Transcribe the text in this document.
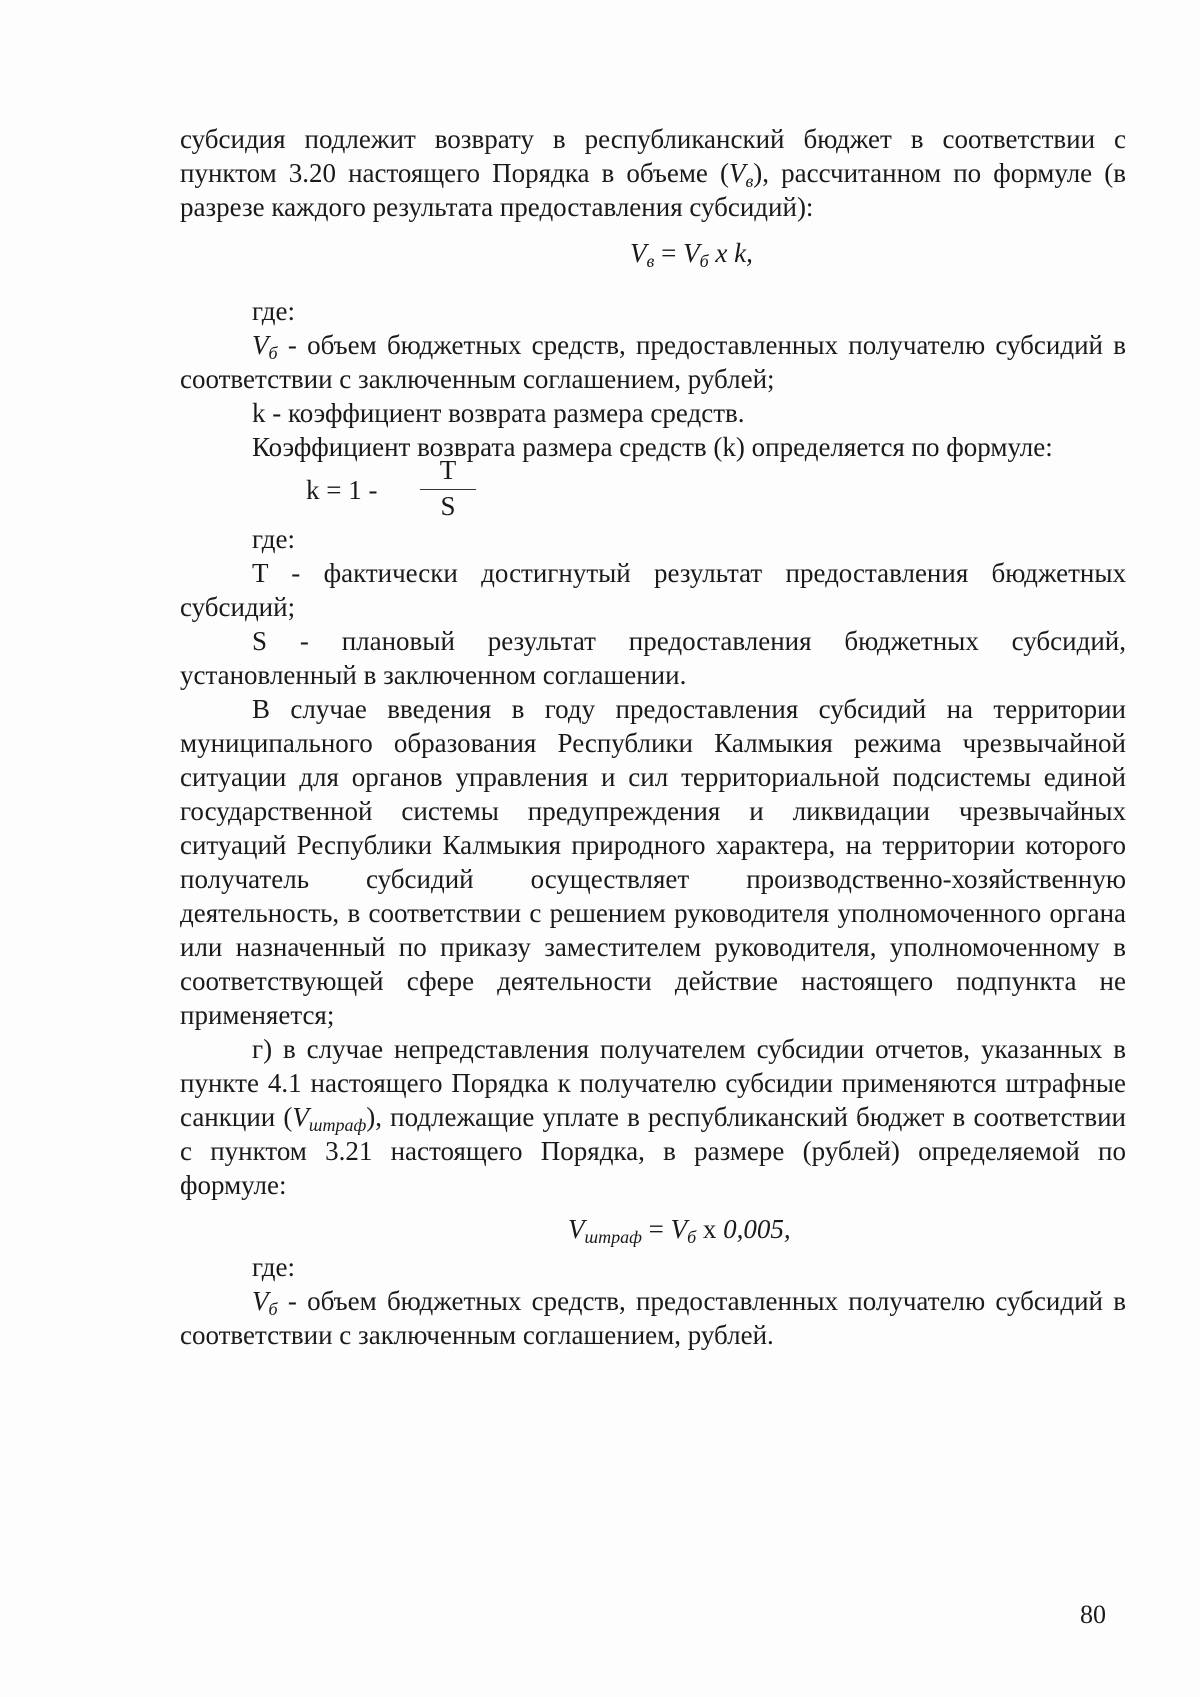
субсидия подлежит возврату в республиканский бюджет в соответствии с пунктом 3.20 настоящего Порядка в объеме $(V_в)$, рассчитанном по формуле (в разрезе каждого результата предоставления субсидий):

$V_в = V_б$ x k,

где:

$V_б$ - объем бюджетных средств, предоставленных получателю субсидий в соответствии с заключенным соглашением, рублей;

k - коэффициент возврата размера средств.

Коэффициент возврата размера средств (k) определяется по формуле:

k = 1 -
T
S

где:

T - фактически достигнутый результат предоставления бюджетных субсидий;

S - плановый результат предоставления бюджетных субсидий, установленный в заключенном соглашении.

В случае введения в году предоставления субсидий на территории муниципального образования Республики Калмыкия режима чрезвычайной ситуации для органов управления и сил территориальной подсистемы единой государственной системы предупреждения и ликвидации чрезвычайных ситуаций Республики Калмыкия природного характера, на территории которого получатель субсидий осуществляет производственно-хозяйственную деятельность, в соответствии с решением руководителя уполномоченного органа или назначенный по приказу заместителем руководителя, уполномоченному в соответствующей сфере деятельности действие настоящего подпункта не применяется;

г) в случае непредставления получателем субсидии отчетов, указанных в пункте 4.1 настоящего Порядка к получателю субсидии применяются штрафные санкции $(V_{штраф})$, подлежащие уплате в республиканский бюджет в соответствии с пунктом 3.21 настоящего Порядка, в размере (рублей) определяемой по формуле:

$V_{штраф} = V_б$ x 0,005,

где:

$V_б$ - объем бюджетных средств, предоставленных получателю субсидий в соответствии с заключенным соглашением, рублей.

80
